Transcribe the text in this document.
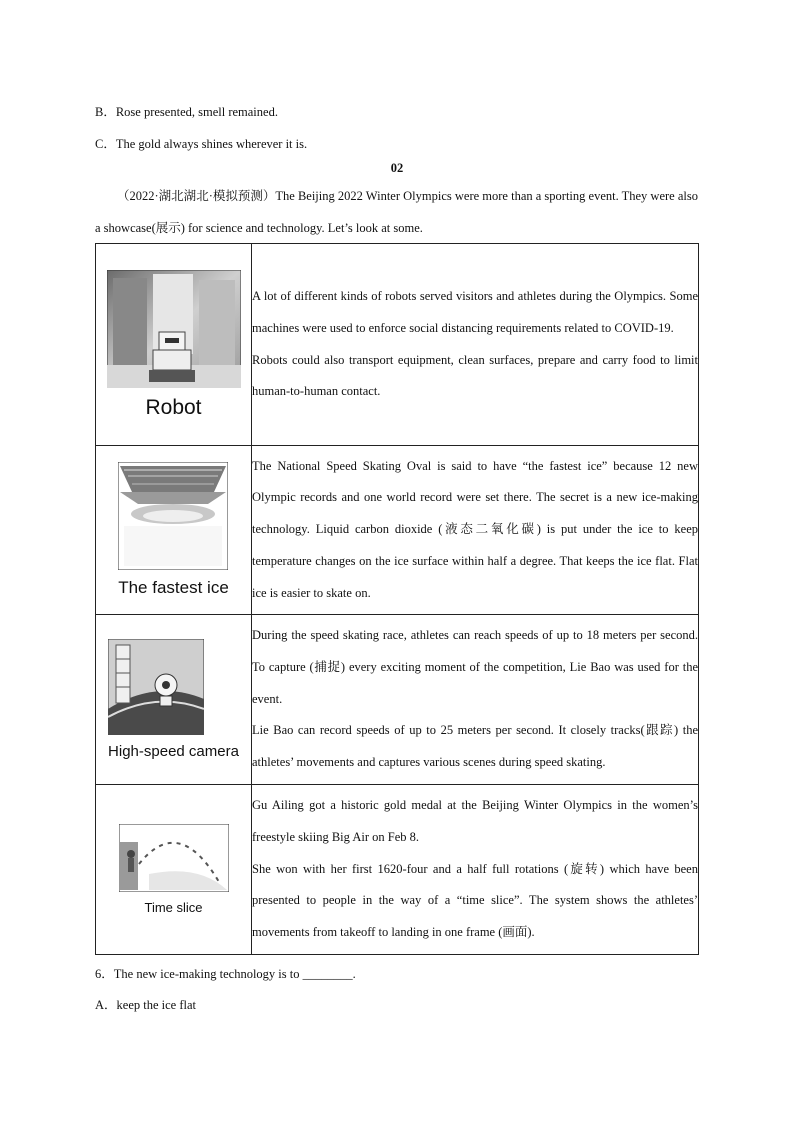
B．Rose presented, smell remained.
C．The gold always shines wherever it is.
02
（2022·湖北湖北·模拟预测）The Beijing 2022 Winter Olympics were more than a sporting event. They were also a showcase(展示) for science and technology. Let’s look at some.
Robot	A lot of different kinds of robots served visitors and athletes during the Olympics. Some machines were used to enforce social distancing requirements related to COVID-19.
Robots could also transport equipment, clean surfaces, prepare and carry food to limit human-to-human contact.

The fastest ice	The National Speed Skating Oval is said to have “the fastest ice” because 12 new Olympic records and one world record were set there. The secret is a new ice-making technology. Liquid carbon dioxide (液态二氧化碳) is put under the ice to keep temperature changes on the ice surface within half a degree. That keeps the ice flat. Flat ice is easier to skate on.

High-speed camera	During the speed skating race, athletes can reach speeds of up to 18 meters per second. To capture (捕捉) every exciting moment of the competition, Lie Bao was used for the event.
Lie Bao can record speeds of up to 25 meters per second. It closely tracks(跟踪) the athletes’ movements and captures various scenes during speed skating.

Time slice	Gu Ailing got a historic gold medal at the Beijing Winter Olympics in the women’s freestyle skiing Big Air on Feb 8.
She won with her first 1620-four and a half full rotations (旋转) which have been presented to people in the way of a “time slice”. The system shows the athletes’ movements from takeoff to landing in one frame (画面).
6．The new ice-making technology is to ________.
A．keep the ice flat
